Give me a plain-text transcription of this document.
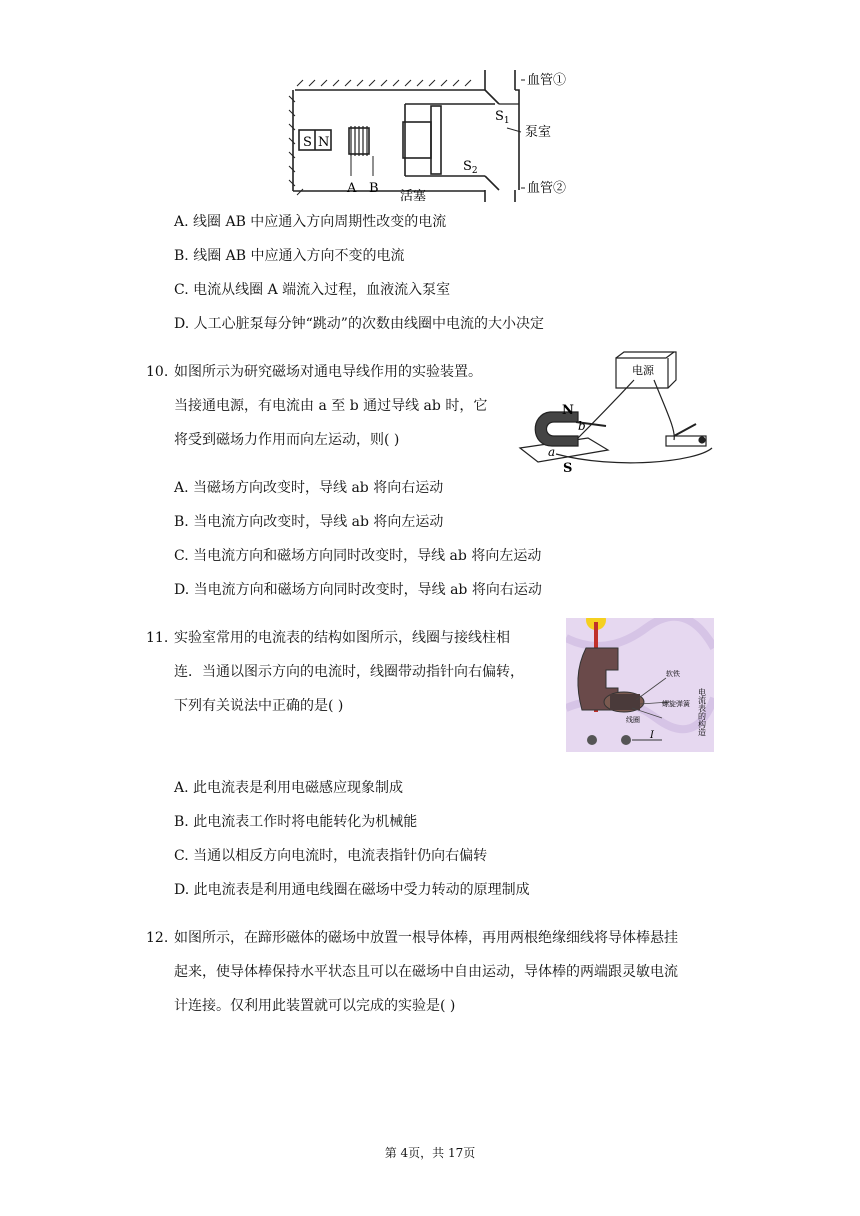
S N
A B
活塞
$S_1$
$S_2$
泵室
血管①
血管②
A. 线圈 AB 中应通入方向周期性改变的电流
B. 线圈 AB 中应通入方向不变的电流
C. 电流从线圈 A 端流入过程，血液流入泵室
D. 人工心脏泵每分钟“跳动”的次数由线圈中电流的大小决定
10. 如图所示为研究磁场对通电导线作用的实验装置。
当接通电源，有电流由 a 至 b 通过导线 ab 时，它
将受到磁场力作用而向左运动，则( )
电源
N
S
a
b
A. 当磁场方向改变时，导线 ab 将向右运动
B. 当电流方向改变时，导线 ab 将向左运动
C. 当电流方向和磁场方向同时改变时，导线 ab 将向左运动
D. 当电流方向和磁场方向同时改变时，导线 ab 将向右运动
11. 实验室常用的电流表的结构如图所示，线圈与接线柱相
连．当通以图示方向的电流时，线圈带动指针向右偏转，
下列有关说法中正确的是( )
软铁
螺旋弹簧
线圈	电流表的构造
I
A. 此电流表是利用电磁感应现象制成
B. 此电流表工作时将电能转化为机械能
C. 当通以相反方向电流时，电流表指针仍向右偏转
D. 此电流表是利用通电线圈在磁场中受力转动的原理制成
12. 如图所示，在蹄形磁体的磁场中放置一根导体棒，再用两根绝缘细线将导体棒悬挂
起来，使导体棒保持水平状态且可以在磁场中自由运动，导体棒的两端跟灵敏电流
计连接。仅利用此装置就可以完成的实验是( )
第 4页，共 17页
